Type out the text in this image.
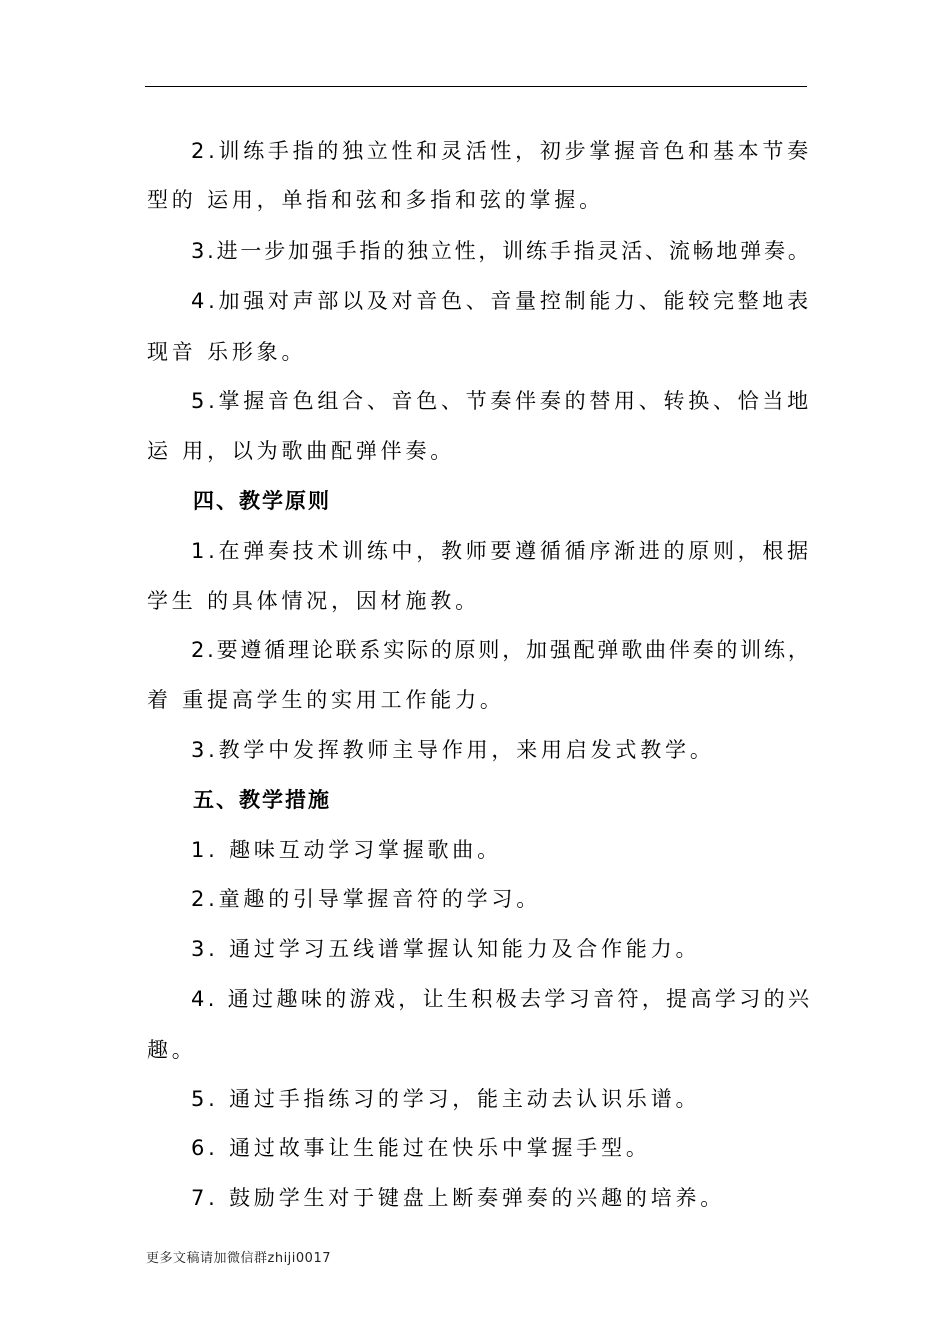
2.训练手指的独立性和灵活性，初步掌握音色和基本节奏
型的 运用，单指和弦和多指和弦的掌握。
3.进一步加强手指的独立性，训练手指灵活、流畅地弹奏。
4.加强对声部以及对音色、音量控制能力、能较完整地表
现音 乐形象。
5.掌握音色组合、音色、节奏伴奏的替用、转换、恰当地
运 用，以为歌曲配弹伴奏。
四、教学原则
1.在弹奏技术训练中，教师要遵循循序渐进的原则，根据
学生 的具体情况，因材施教。
2.要遵循理论联系实际的原则，加强配弹歌曲伴奏的训练，
着 重提高学生的实用工作能力。
3.教学中发挥教师主导作用，来用启发式教学。
五、教学措施
1. 趣味互动学习掌握歌曲。
2.童趣的引导掌握音符的学习。
3. 通过学习五线谱掌握认知能力及合作能力。
4. 通过趣味的游戏，让生积极去学习音符，提高学习的兴
趣。
5. 通过手指练习的学习，能主动去认识乐谱。
6. 通过故事让生能过在快乐中掌握手型。
7. 鼓励学生对于键盘上断奏弹奏的兴趣的培养。
更多文稿请加微信群zhiji0017
